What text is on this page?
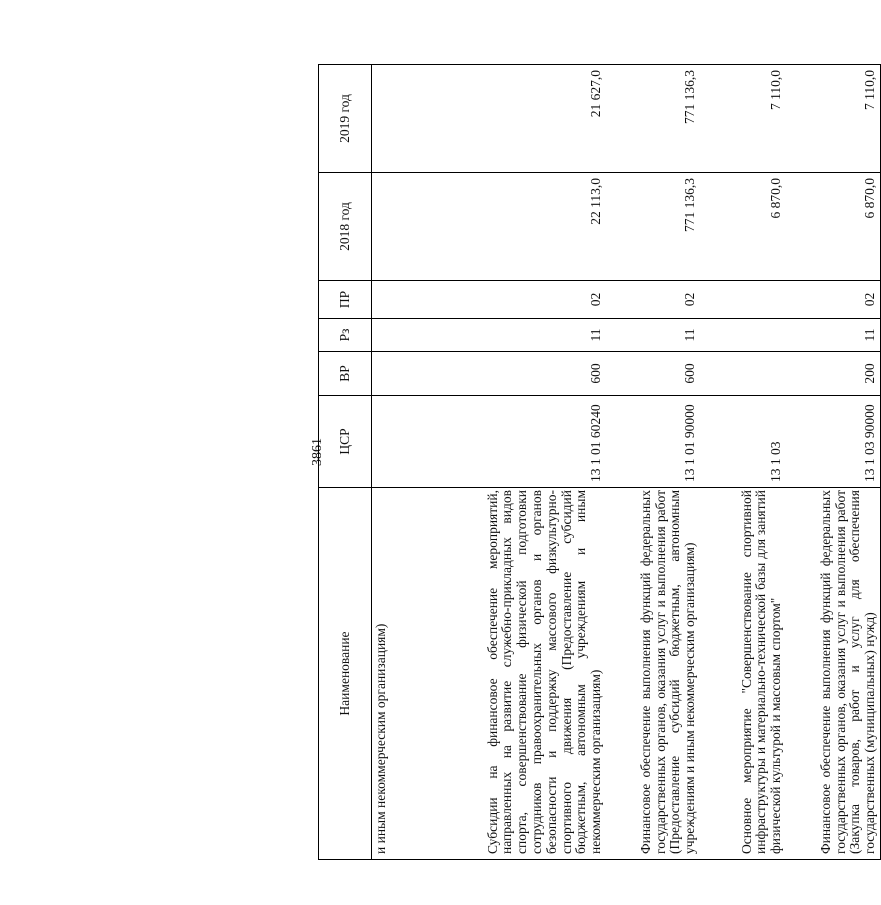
3861
Наименование	ЦСР	ВР	Рз	ПР	2018 год	2019 год
и иным некоммерческим организациям)						
Субсидии на финансовое обеспечение мероприятий, направленных на развитие служебно-прикладных видов спорта, совершенствование физической подготовки сотрудников правоохранительных органов и органов безопасности и поддержку массового физкультурно-спортивного движения (Предоставление субсидий бюджетным, автономным учреждениям и иным некоммерческим организациям)	13 1 01 60240	600	11	02	22 113,0	21 627,0
Финансовое обеспечение выполнения функций федеральных государственных органов, оказания услуг и выполнения работ (Предоставление субсидий бюджетным, автономным учреждениям и иным некоммерческим организациям)	13 1 01 90000	600	11	02	771 136,3	771 136,3
Основное мероприятие "Совершенствование спортивной инфраструктуры и материально-технической базы для занятий физической культурой и массовым спортом"	13 1 03				6 870,0	7 110,0
Финансовое обеспечение выполнения функций федеральных государственных органов, оказания услуг и выполнения работ (Закупка товаров, работ и услуг для обеспечения государственных (муниципальных) нужд)	13 1 03 90000	200	11	02	6 870,0	7 110,0
